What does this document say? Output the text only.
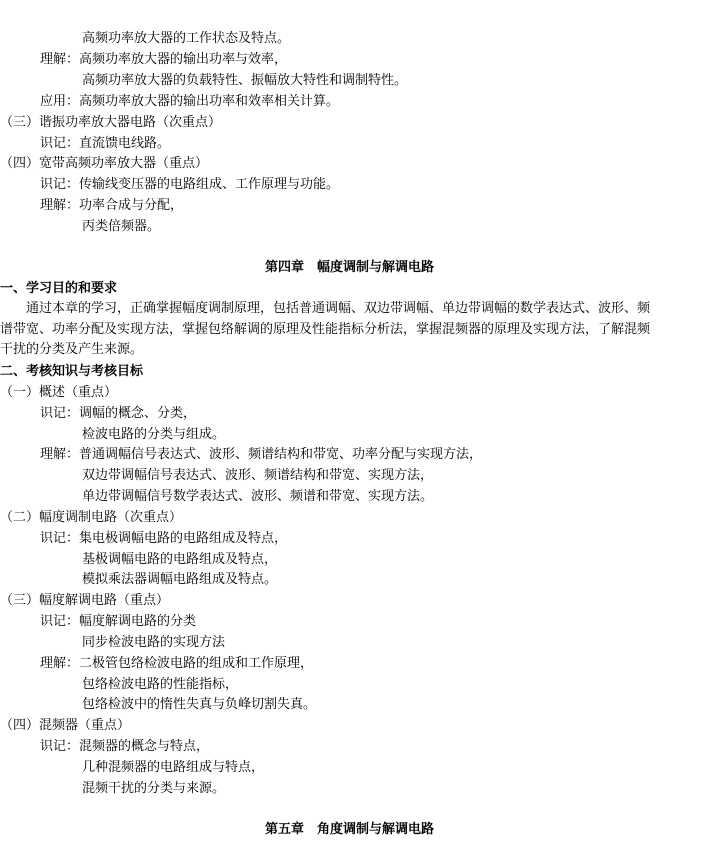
高频功率放大器的工作状态及特点。
理解：高频功率放大器的输出功率与效率，
高频功率放大器的负载特性、振幅放大特性和调制特性。
应用：高频功率放大器的输出功率和效率相关计算。
（三）谐振功率放大器电路（次重点）
识记：直流馈电线路。
（四）宽带高频功率放大器（重点）
识记：传输线变压器的电路组成、工作原理与功能。
理解：功率合成与分配，
丙类倍频器。
第四章　幅度调制与解调电路
一、学习目的和要求
通过本章的学习，正确掌握幅度调制原理，包括普通调幅、双边带调幅、单边带调幅的数学表达式、波形、频
谱带宽、功率分配及实现方法，掌握包络解调的原理及性能指标分析法，掌握混频器的原理及实现方法，了解混频
干扰的分类及产生来源。
二、考核知识与考核目标
（一）概述（重点）
识记：调幅的概念、分类，
检波电路的分类与组成。
理解：普通调幅信号表达式、波形、频谱结构和带宽、功率分配与实现方法，
双边带调幅信号表达式、波形、频谱结构和带宽、实现方法，
单边带调幅信号数学表达式、波形、频谱和带宽、实现方法。
（二）幅度调制电路（次重点）
识记：集电极调幅电路的电路组成及特点，
基极调幅电路的电路组成及特点，
模拟乘法器调幅电路组成及特点。
（三）幅度解调电路（重点）
识记：幅度解调电路的分类
同步检波电路的实现方法
理解：二极管包络检波电路的组成和工作原理，
包络检波电路的性能指标，
包络检波中的惰性失真与负峰切割失真。
（四）混频器（重点）
识记：混频器的概念与特点，
几种混频器的电路组成与特点，
混频干扰的分类与来源。
第五章　角度调制与解调电路
